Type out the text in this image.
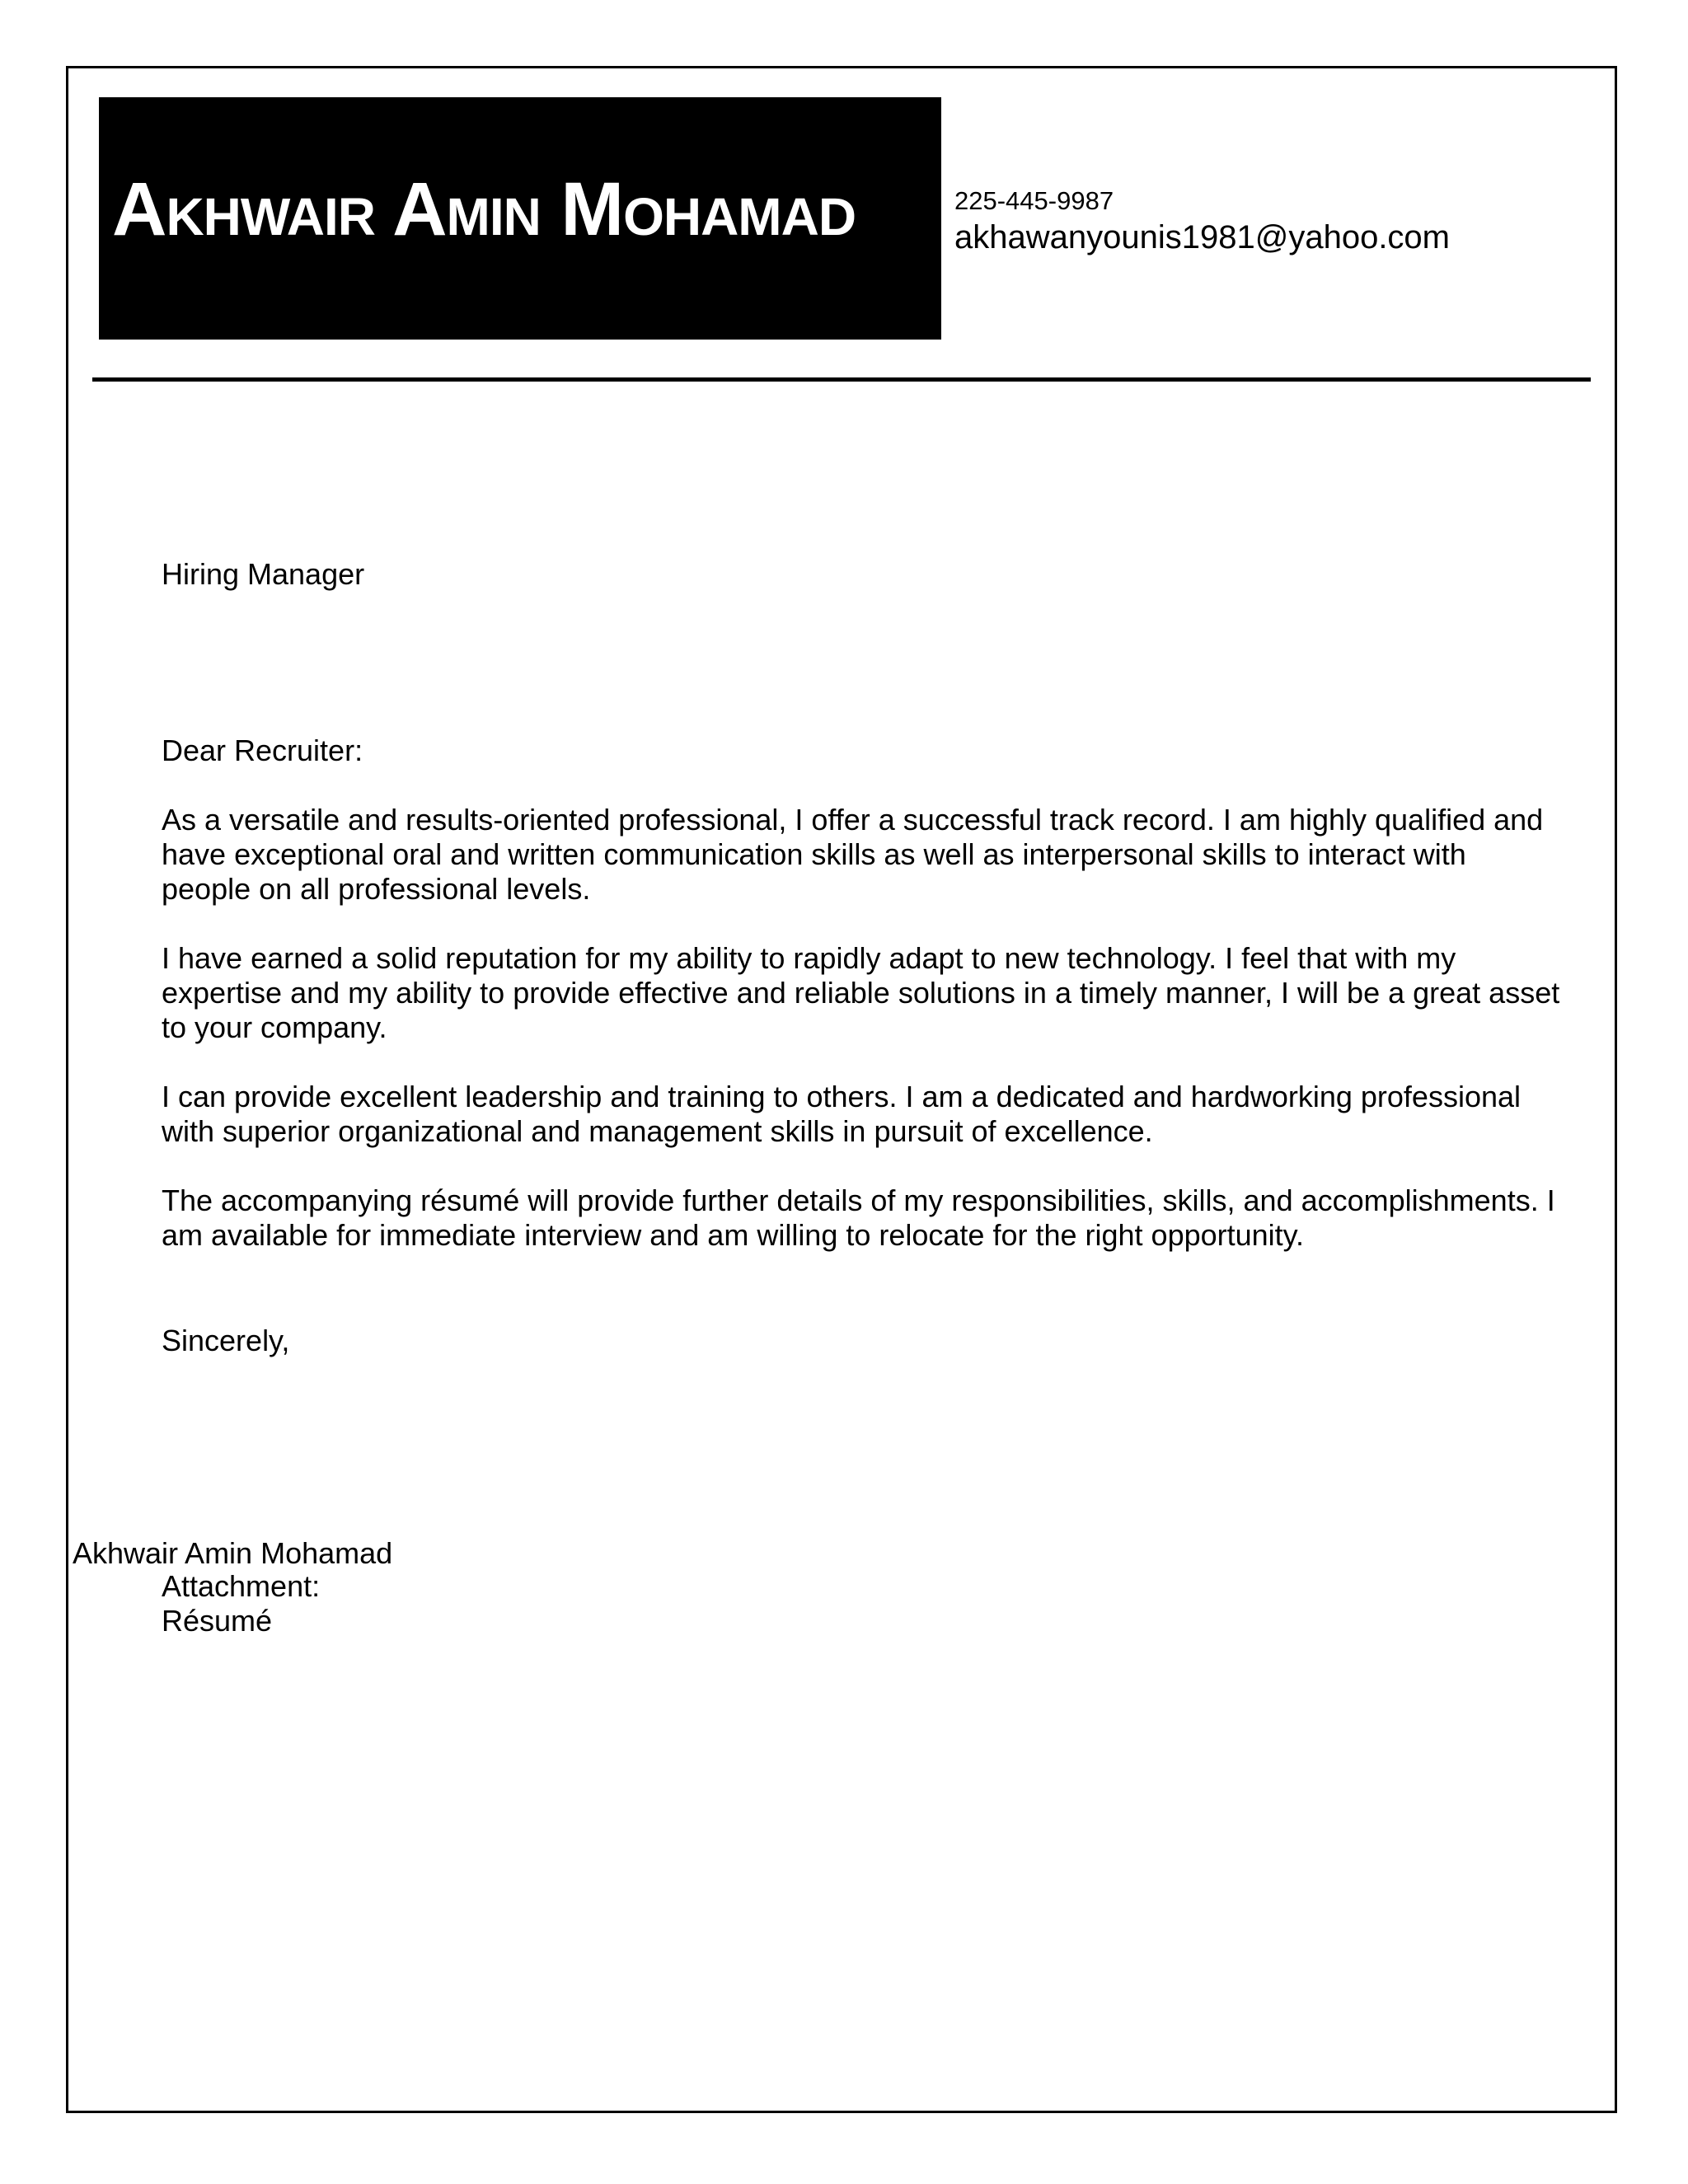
Akhwair Amin Mohamad	225-445-9987
akhawanyounis1981@yahoo.com
Hiring Manager
Dear Recruiter:

As a versatile and results-oriented professional, I offer a successful track record. I am highly qualified and have exceptional oral and written communication skills as well as interpersonal skills to interact with people on all professional levels.

I have earned a solid reputation for my ability to rapidly adapt to new technology. I feel that with my expertise and my ability to provide effective and reliable solutions in a timely manner, I will be a great asset to your company.

I can provide excellent leadership and training to others. I am a dedicated and hardworking professional with superior organizational and management skills in pursuit of excellence.

The accompanying résumé will provide further details of my responsibilities, skills, and accomplishments. I am available for immediate interview and am willing to relocate for the right opportunity.

Sincerely,
Akhwair Amin Mohamad
Attachment:
Résumé
